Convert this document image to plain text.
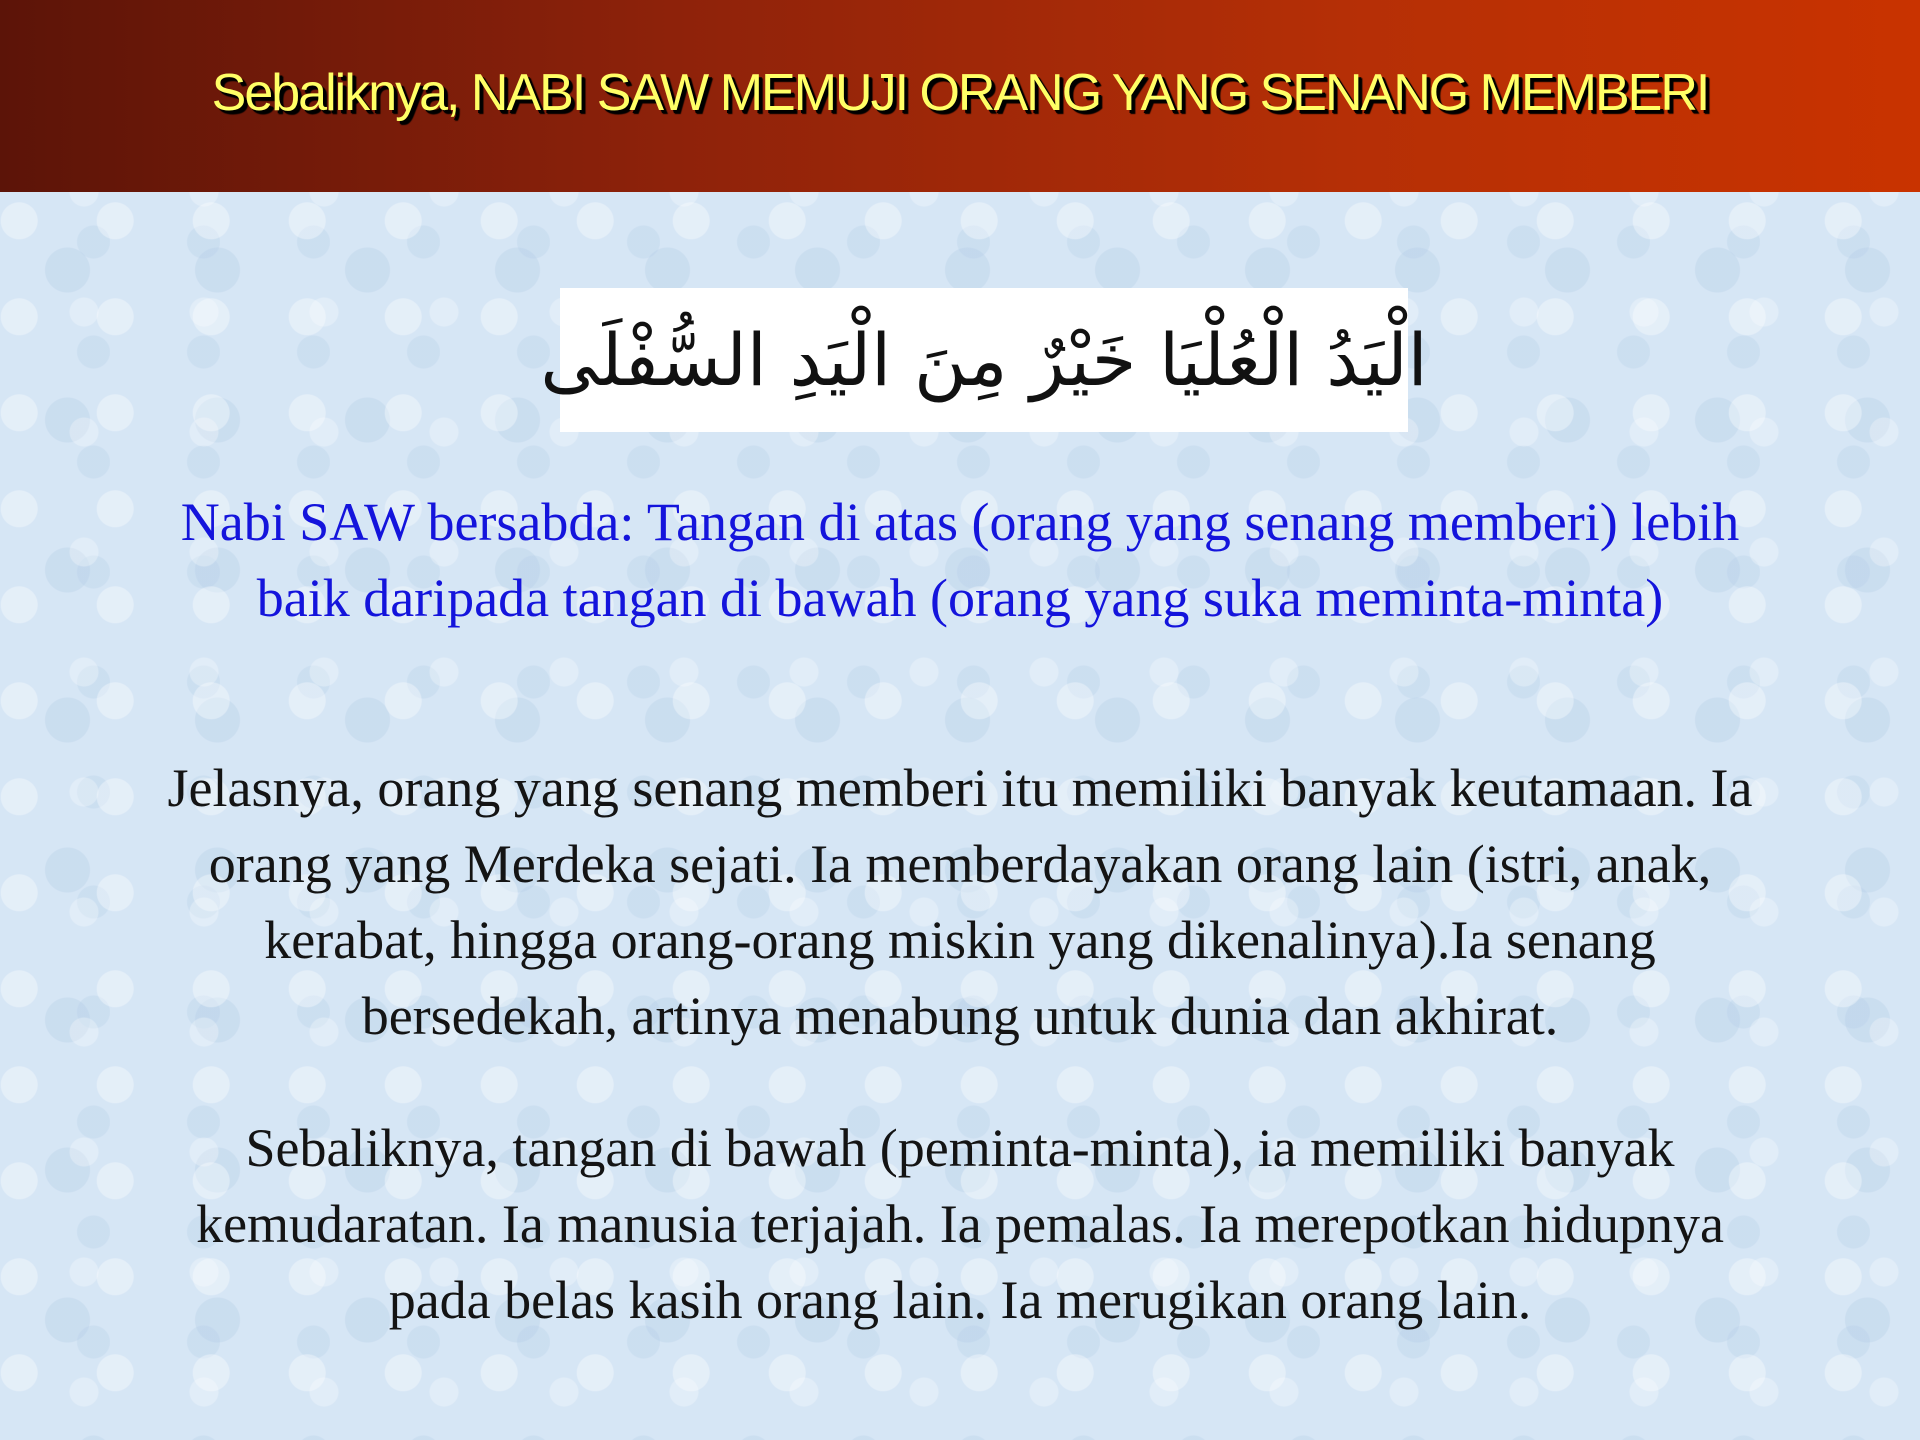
Sebaliknya, NABI SAW MEMUJI ORANG YANG SENANG MEMBERI
الْيَدُ الْعُلْيَا خَيْرٌ مِنَ الْيَدِ السُّفْلَى
Nabi SAW bersabda: Tangan di atas (orang yang senang memberi) lebih
baik daripada tangan di bawah (orang yang suka meminta-minta)
Jelasnya, orang yang senang memberi itu memiliki banyak keutamaan. Ia
orang yang Merdeka sejati. Ia memberdayakan orang lain (istri, anak,
kerabat, hingga orang-orang miskin yang dikenalinya).Ia senang
bersedekah, artinya menabung untuk dunia dan akhirat.
Sebaliknya, tangan di bawah (peminta-minta), ia memiliki banyak
kemudaratan. Ia manusia terjajah. Ia pemalas. Ia merepotkan hidupnya
pada belas kasih orang lain. Ia merugikan orang lain.
